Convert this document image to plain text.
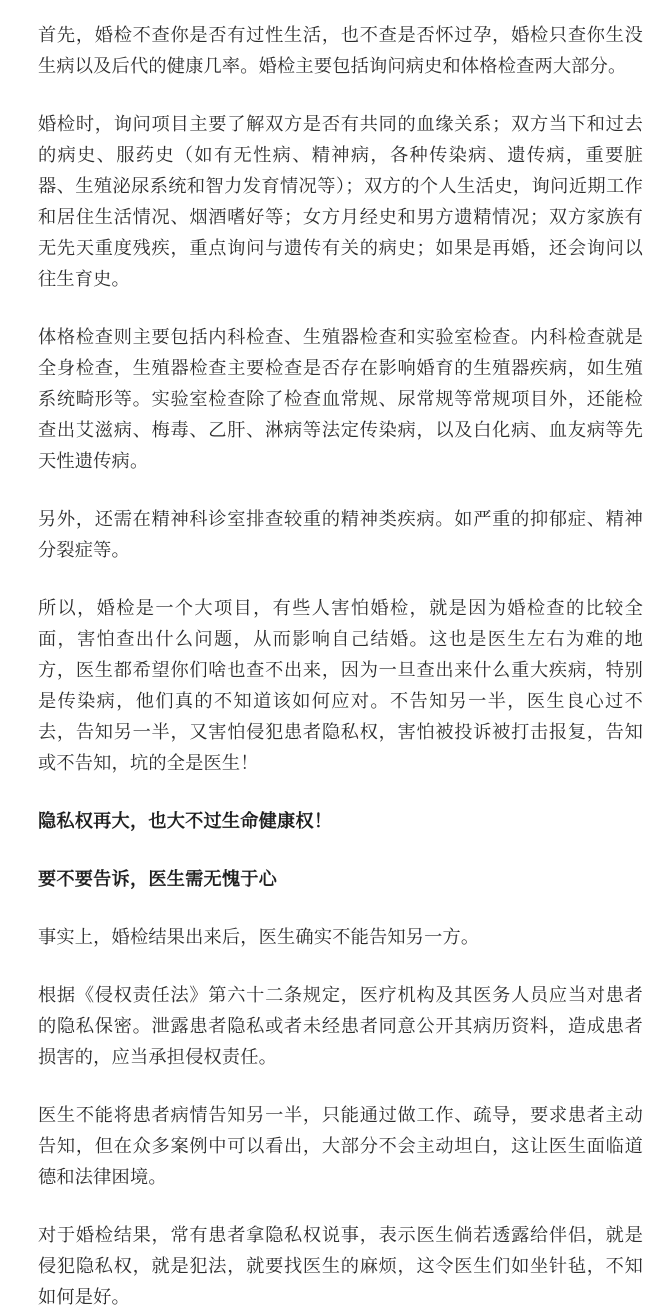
首先，婚检不查你是否有过性生活，也不查是否怀过孕，婚检只查你生没生病以及后代的健康几率。婚检主要包括询问病史和体格检查两大部分。

婚检时，询问项目主要了解双方是否有共同的血缘关系；双方当下和过去的病史、服药史（如有无性病、精神病，各种传染病、遗传病，重要脏器、生殖泌尿系统和智力发育情况等）；双方的个人生活史，询问近期工作和居住生活情况、烟酒嗜好等；女方月经史和男方遗精情况；双方家族有无先天重度残疾，重点询问与遗传有关的病史；如果是再婚，还会询问以往生育史。

体格检查则主要包括内科检查、生殖器检查和实验室检查。内科检查就是全身检查，生殖器检查主要检查是否存在影响婚育的生殖器疾病，如生殖系统畸形等。实验室检查除了检查血常规、尿常规等常规项目外，还能检查出艾滋病、梅毒、乙肝、淋病等法定传染病，以及白化病、血友病等先天性遗传病。

另外，还需在精神科诊室排查较重的精神类疾病。如严重的抑郁症、精神分裂症等。

所以，婚检是一个大项目，有些人害怕婚检，就是因为婚检查的比较全面，害怕查出什么问题，从而影响自己结婚。这也是医生左右为难的地方，医生都希望你们啥也查不出来，因为一旦查出来什么重大疾病，特别是传染病，他们真的不知道该如何应对。不告知另一半，医生良心过不去，告知另一半，又害怕侵犯患者隐私权，害怕被投诉被打击报复，告知或不告知，坑的全是医生！

隐私权再大，也大不过生命健康权！

要不要告诉，医生需无愧于心

事实上，婚检结果出来后，医生确实不能告知另一方。

根据《侵权责任法》第六十二条规定，医疗机构及其医务人员应当对患者的隐私保密。泄露患者隐私或者未经患者同意公开其病历资料，造成患者损害的，应当承担侵权责任。

医生不能将患者病情告知另一半，只能通过做工作、疏导，要求患者主动告知，但在众多案例中可以看出，大部分不会主动坦白，这让医生面临道德和法律困境。

对于婚检结果，常有患者拿隐私权说事，表示医生倘若透露给伴侣，就是侵犯隐私权，就是犯法，就要找医生的麻烦，这令医生们如坐针毡，不知如何是好。
